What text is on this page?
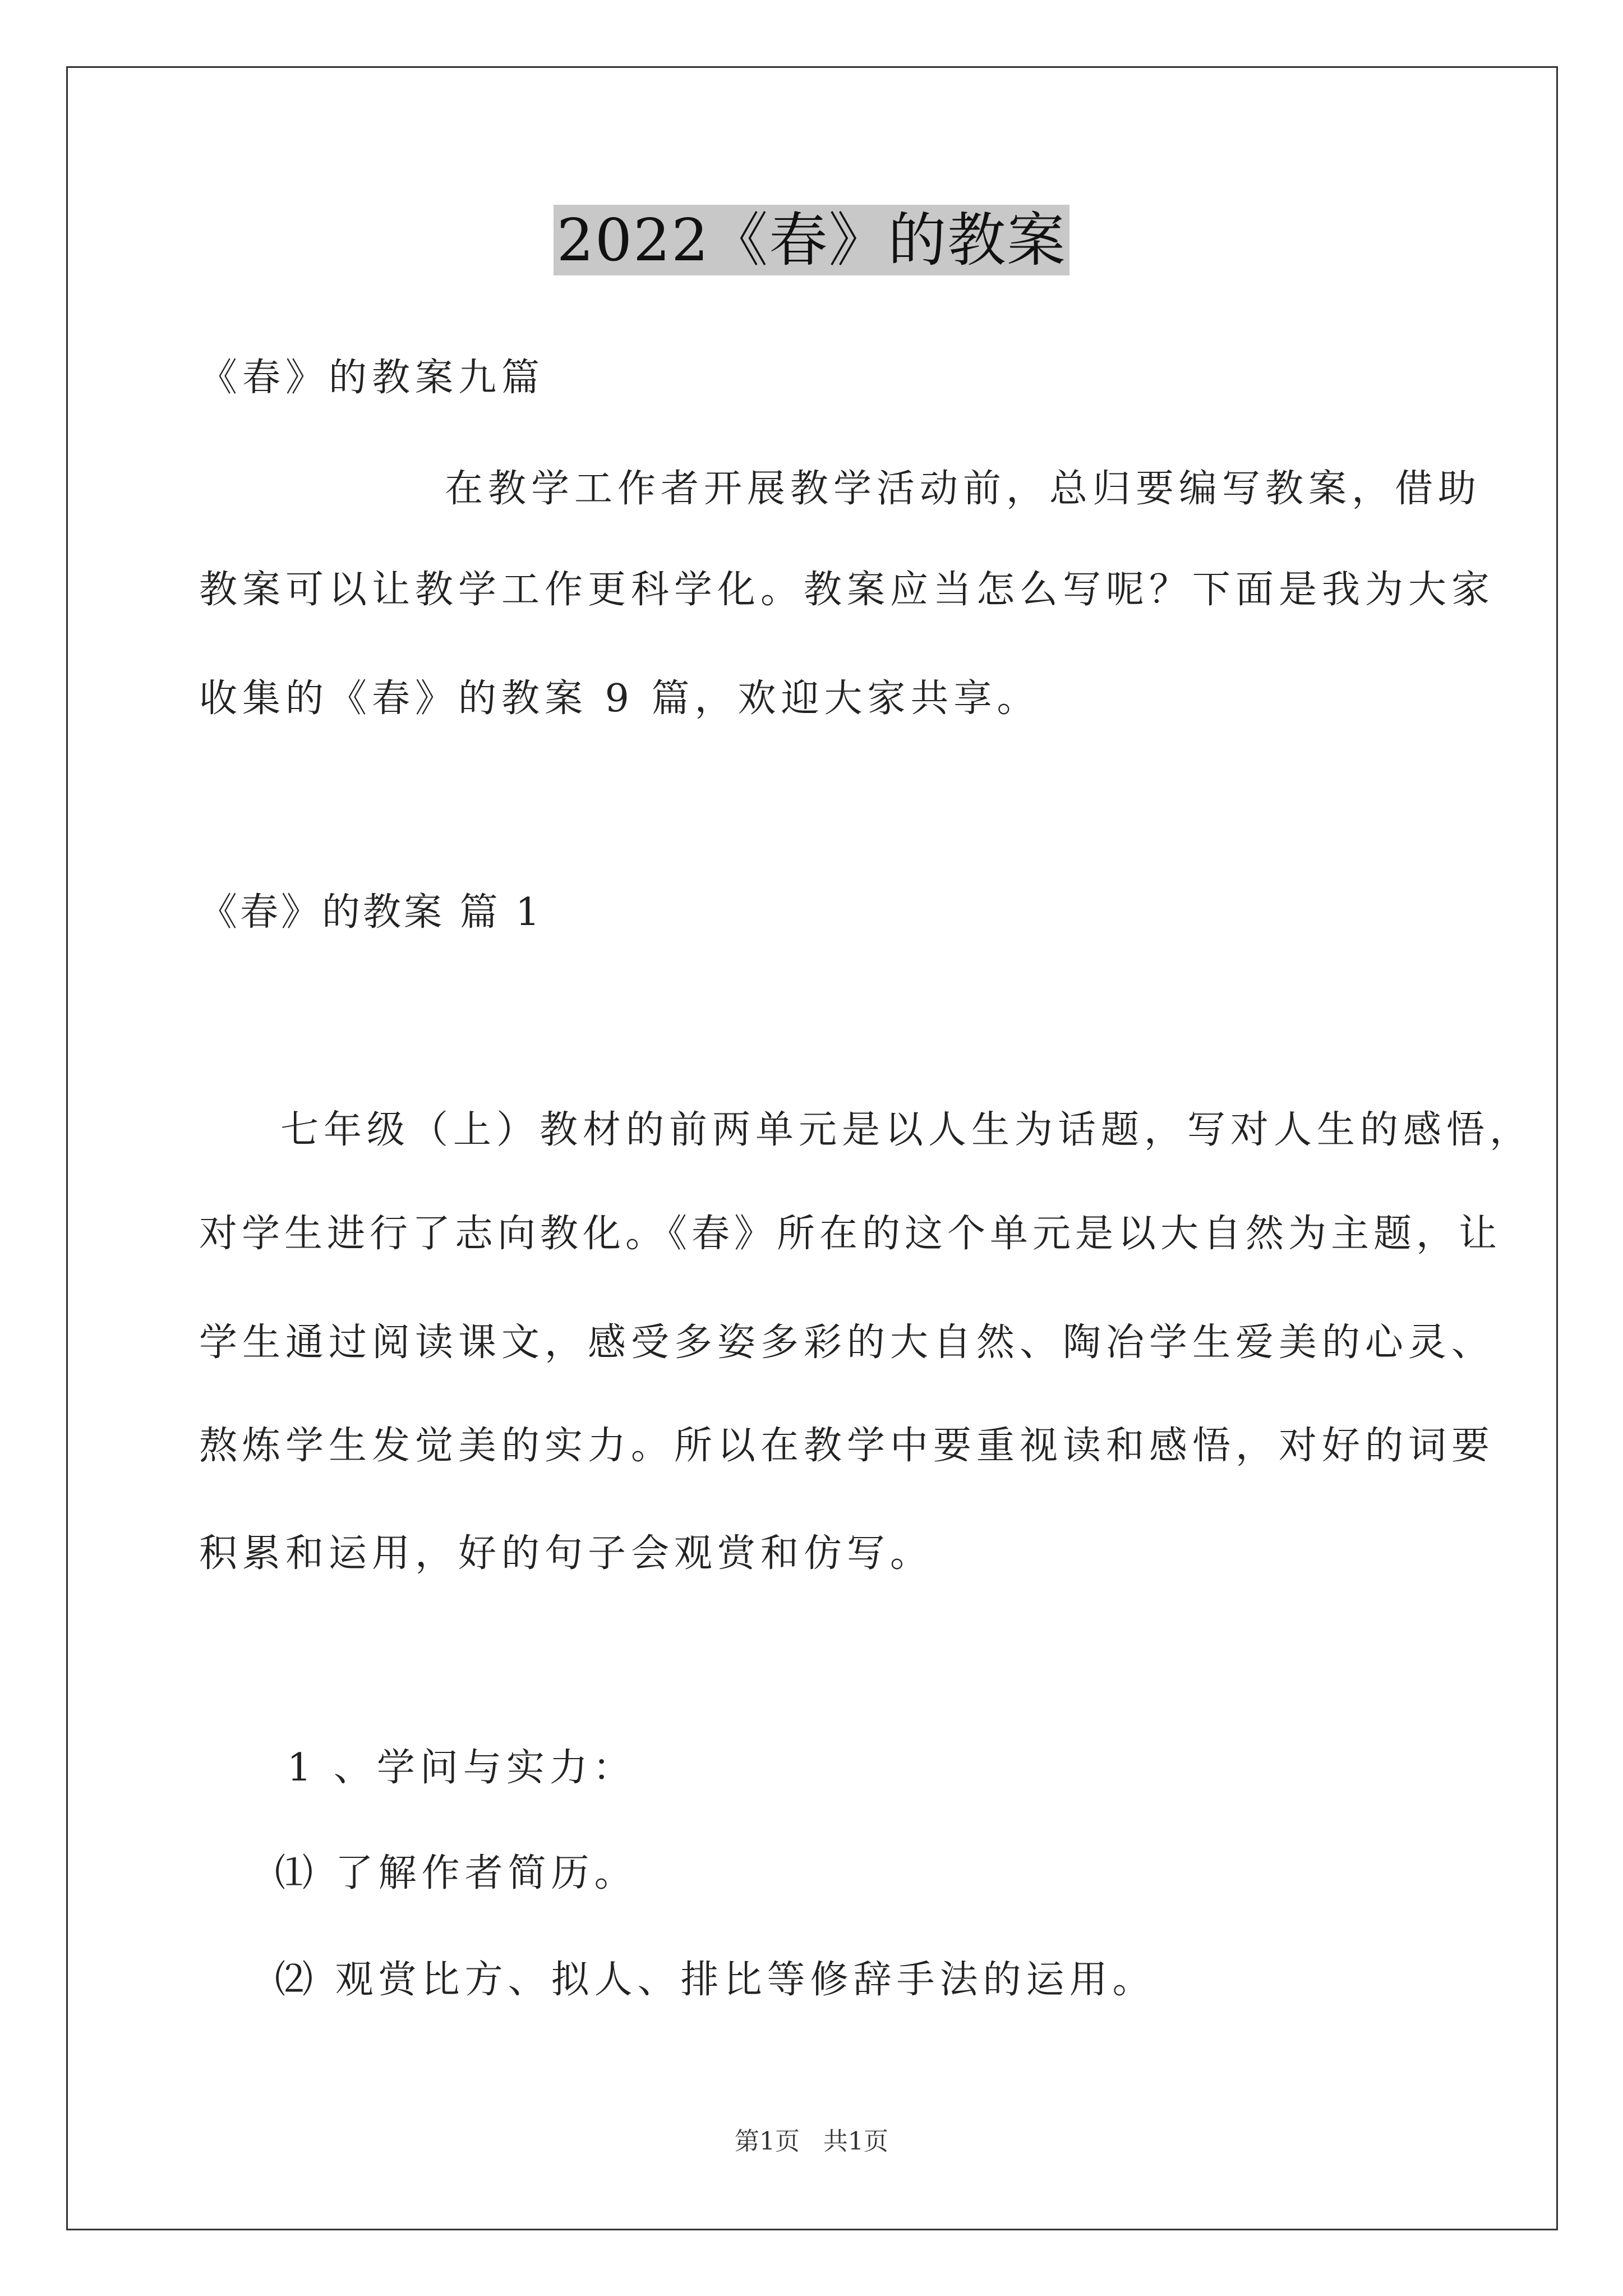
2022《春》的教案
《春》的教案九篇
在教学工作者开展教学活动前，总归要编写教案，借助
教案可以让教学工作更科学化。教案应当怎么写呢？下面是我为大家
收集的《春》的教案 9 篇，欢迎大家共享。
《春》的教案 篇 1
七年级（上）教材的前两单元是以人生为话题，写对人生的感悟，
对学生进行了志向教化。《春》所在的这个单元是以大自然为主题，让
学生通过阅读课文，感受多姿多彩的大自然、陶冶学生爱美的心灵、
熬炼学生发觉美的实力。所以在教学中要重视读和感悟，对好的词要
积累和运用，好的句子会观赏和仿写。
1 、学问与实力：
⑴ 了解作者简历。
⑵ 观赏比方、拟人、排比等修辞手法的运用。
第1页   共1页
